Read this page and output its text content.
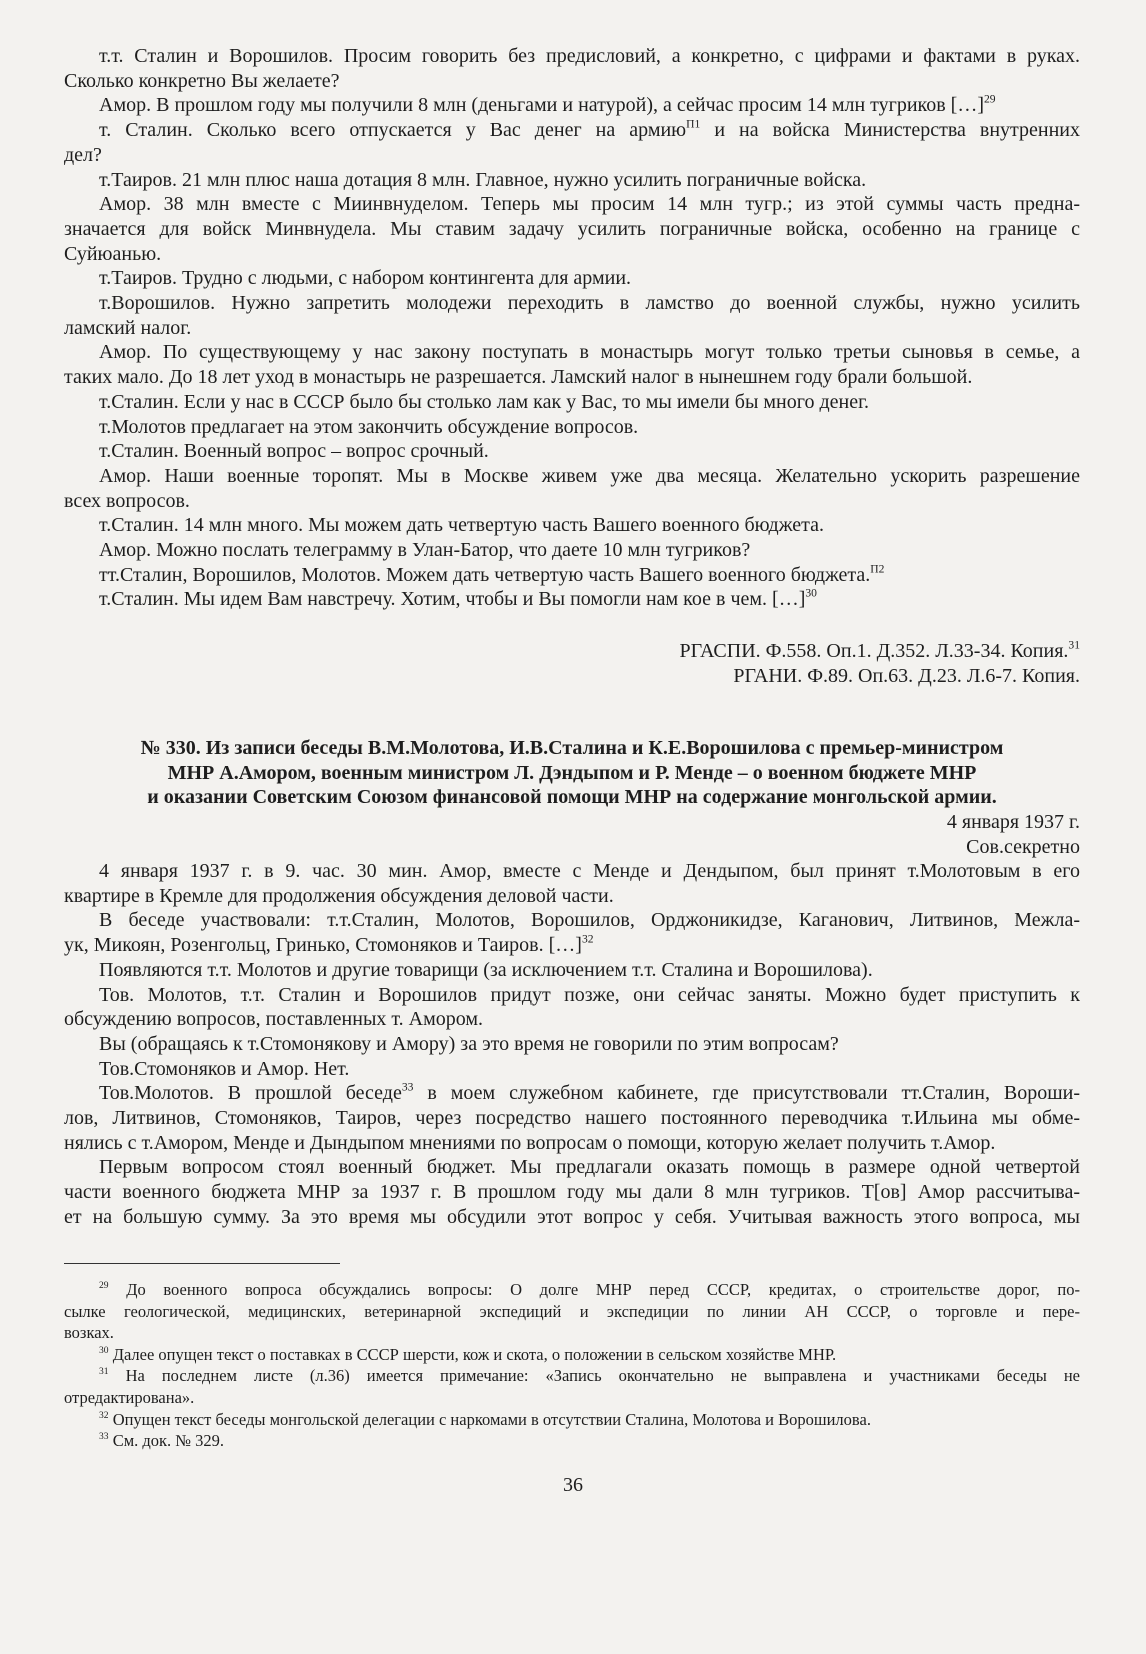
т.т. Сталин и Ворошилов. Просим говорить без предисловий, а конкретно, с цифрами и фактами в руках.
Сколько конкретно Вы желаете?
Амор. В прошлом году мы получили 8 млн (деньгами и натурой), а сейчас просим 14 млн тугриков […]$^{29}$
т. Сталин. Сколько всего отпускается у Вас денег на армию$^{П1}$ и на войска Министерства внутренних
дел?
т.Таиров. 21 млн плюс наша дотация 8 млн. Главное, нужно усилить пограничные войска.
Амор. 38 млн вместе с Миинвнуделом. Теперь мы просим 14 млн тугр.; из этой суммы часть предна-
значается для войск Минвнудела. Мы ставим задачу усилить пограничные войска, особенно на границе с
Суйюанью.
т.Таиров. Трудно с людьми, с набором контингента для армии.
т.Ворошилов. Нужно запретить молодежи переходить в ламство до военной службы, нужно усилить
ламский налог.
Амор. По существующему у нас закону поступать в монастырь могут только третьи сыновья в семье, а
таких мало. До 18 лет уход в монастырь не разрешается. Ламский налог в нынешнем году брали большой.
т.Сталин. Если у нас в СССР было бы столько лам как у Вас, то мы имели бы много денег.
т.Молотов предлагает на этом закончить обсуждение вопросов.
т.Сталин. Военный вопрос – вопрос срочный.
Амор. Наши военные торопят. Мы в Москве живем уже два месяца. Желательно ускорить разрешение
всех вопросов.
т.Сталин. 14 млн много. Мы можем дать четвертую часть Вашего военного бюджета.
Амор. Можно послать телеграмму в Улан-Батор, что даете 10 млн тугриков?
тт.Сталин, Ворошилов, Молотов. Можем дать четвертую часть Вашего военного бюджета.$^{П2}$
т.Сталин. Мы идем Вам навстречу. Хотим, чтобы и Вы помогли нам кое в чем. […]$^{30}$
РГАСПИ. Ф.558. Оп.1. Д.352. Л.33-34. Копия.$^{31}$
РГАНИ. Ф.89. Оп.63. Д.23. Л.6-7. Копия.
№ 330. Из записи беседы В.М.Молотова, И.В.Сталина и К.Е.Ворошилова с премьер-министром
МНР А.Амором, военным министром Л. Дэндыпом и Р. Менде – о военном бюджете МНР
и оказании Советским Союзом финансовой помощи МНР на содержание монгольской армии.
4 января 1937 г.
Сов.секретно
4 января 1937 г. в 9. час. 30 мин. Амор, вместе с Менде и Дендыпом, был принят т.Молотовым в его
квартире в Кремле для продолжения обсуждения деловой части.
В беседе участвовали: т.т.Сталин, Молотов, Ворошилов, Орджоникидзе, Каганович, Литвинов, Межла-
ук, Микоян, Розенгольц, Гринько, Стомоняков и Таиров. […]$^{32}$
Появляются т.т. Молотов и другие товарищи (за исключением т.т. Сталина и Ворошилова).
Тов. Молотов, т.т. Сталин и Ворошилов придут позже, они сейчас заняты. Можно будет приступить к
обсуждению вопросов, поставленных т. Амором.
Вы (обращаясь к т.Стомонякову и Амору) за это время не говорили по этим вопросам?
Тов.Стомоняков и Амор. Нет.
Тов.Молотов. В прошлой беседе$^{33}$ в моем служебном кабинете, где присутствовали тт.Сталин, Вороши-
лов, Литвинов, Стомоняков, Таиров, через посредство нашего постоянного переводчика т.Ильина мы обме-
нялись с т.Амором, Менде и Дындыпом мнениями по вопросам о помощи, которую желает получить т.Амор.
Первым вопросом стоял военный бюджет. Мы предлагали оказать помощь в размере одной четвертой
части военного бюджета МНР за 1937 г. В прошлом году мы дали 8 млн тугриков. Т[ов] Амор рассчитыва-
ет на большую сумму. За это время мы обсудили этот вопрос у себя. Учитывая важность этого вопроса, мы
$^{29}$ До военного вопроса обсуждались вопросы: О долге МНР перед СССР, кредитах, о строительстве дорог, по-
сылке геологической, медицинских, ветеринарной экспедиций и экспедиции по линии АН СССР, о торговле и пере-
возках.
$^{30}$ Далее опущен текст о поставках в СССР шерсти, кож и скота, о положении в сельском хозяйстве МНР.
$^{31}$ На последнем листе (л.36) имеется примечание: «Запись окончательно не выправлена и участниками беседы не
отредактирована».
$^{32}$ Опущен текст беседы монгольской делегации с наркомами в отсутствии Сталина, Молотова и Ворошилова.
$^{33}$ См. док. № 329.
36
